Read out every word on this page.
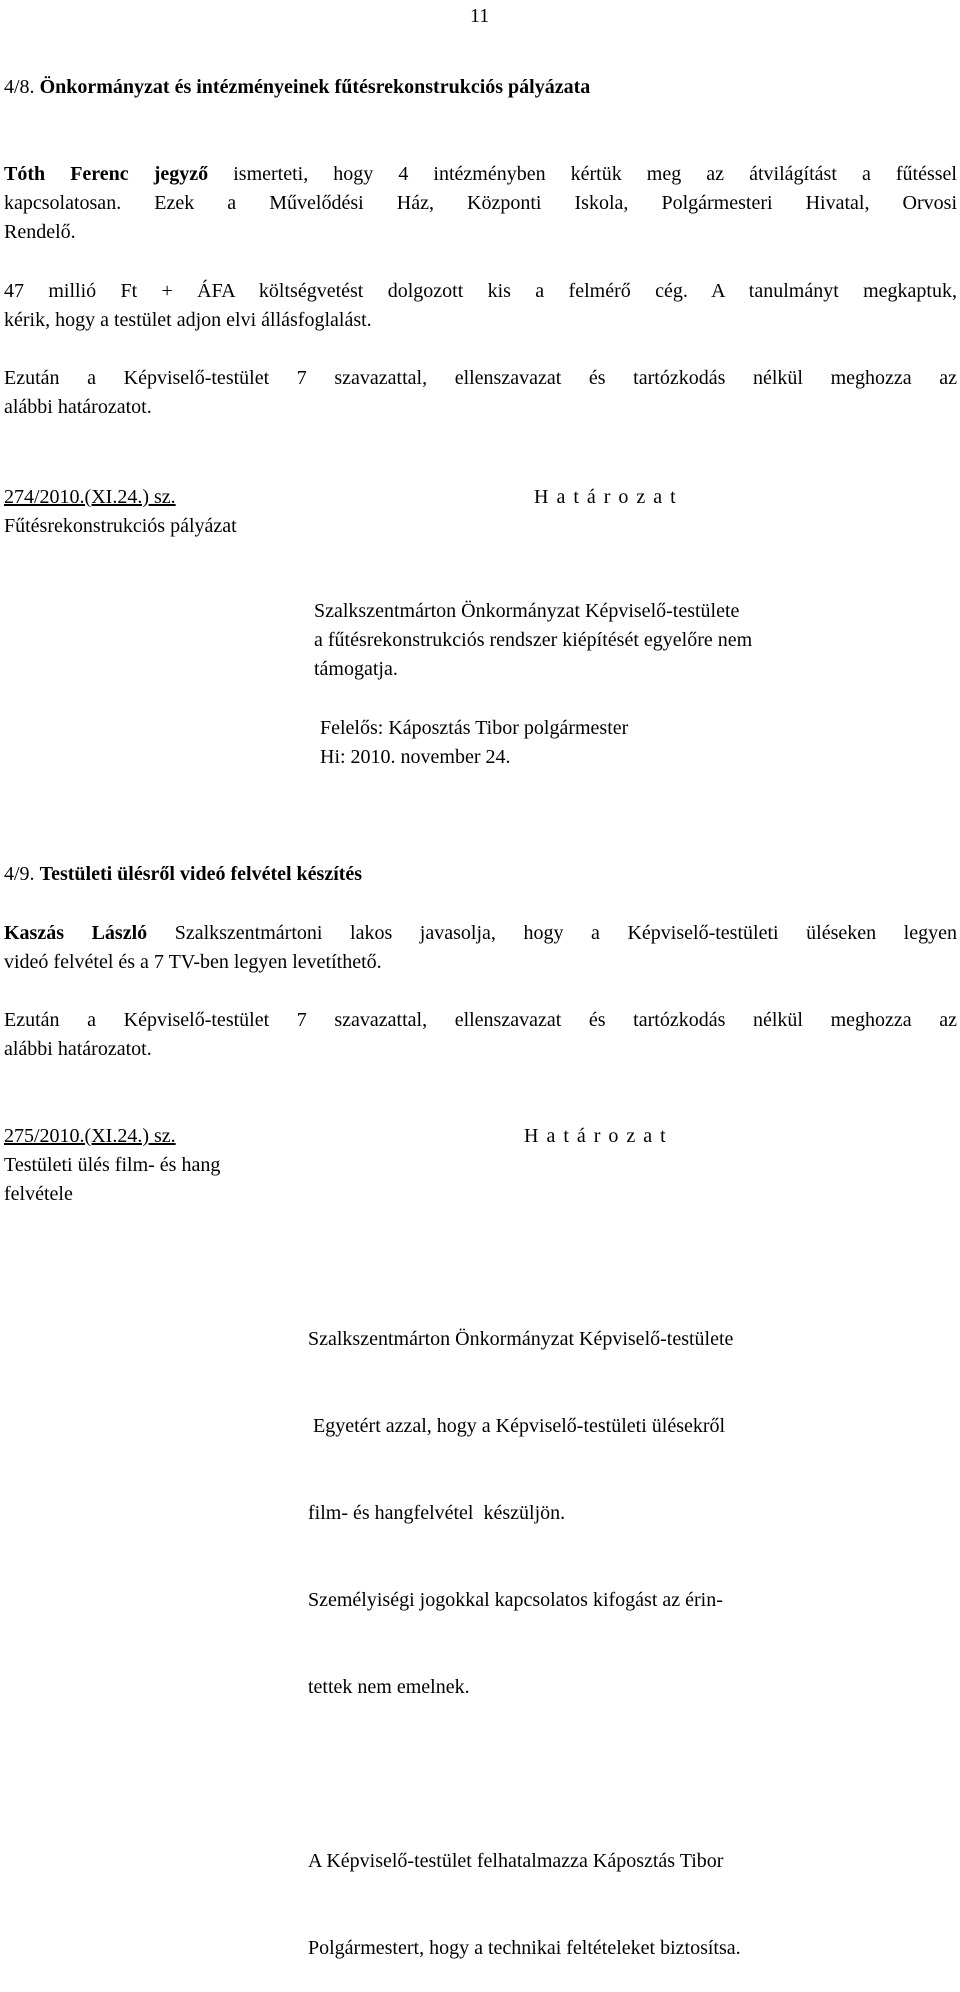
11
4/8. Önkormányzat és intézményeinek fűtésrekonstrukciós pályázata
Tóth Ferenc jegyző ismerteti, hogy 4 intézményben kértük meg az átvilágítást a fűtéssel
kapcsolatosan. Ezek a Művelődési Ház, Központi Iskola, Polgármesteri Hivatal, Orvosi
Rendelő.
47 millió Ft + ÁFA költségvetést dolgozott kis a felmérő cég. A tanulmányt megkaptuk,
kérik, hogy a testület adjon elvi állásfoglalást.
Ezután a Képviselő-testület 7 szavazattal, ellenszavazat és tartózkodás nélkül meghozza az
alábbi határozatot.
274/2010.(XI.24.) sz.
Fűtésrekonstrukciós pályázat
H a t á r o z a t
Szalkszentmárton Önkormányzat Képviselő-testülete
a fűtésrekonstrukciós rendszer kiépítését egyelőre nem
támogatja.
Felelős: Káposztás Tibor polgármester
Hi: 2010. november 24.
4/9. Testületi ülésről videó felvétel készítés
Kaszás László Szalkszentmártoni lakos javasolja, hogy a Képviselő-testületi üléseken legyen
videó felvétel és a 7 TV-ben legyen levetíthető.
Ezután a Képviselő-testület 7 szavazattal, ellenszavazat és tartózkodás nélkül meghozza az
alábbi határozatot.
275/2010.(XI.24.) sz.
Testületi ülés film- és hang
felvétele
H a t á r o z a t

Szalkszentmárton Önkormányzat Képviselő-testülete

Egyetért azzal, hogy a Képviselő-testületi ülésekről

film- és hangfelvétel  készüljön.

Személyiségi jogokkal kapcsolatos kifogást az érin-

tettek nem emelnek.

A Képviselő-testület felhatalmazza Káposztás Tibor

Polgármestert, hogy a technikai feltételeket biztosítsa.
